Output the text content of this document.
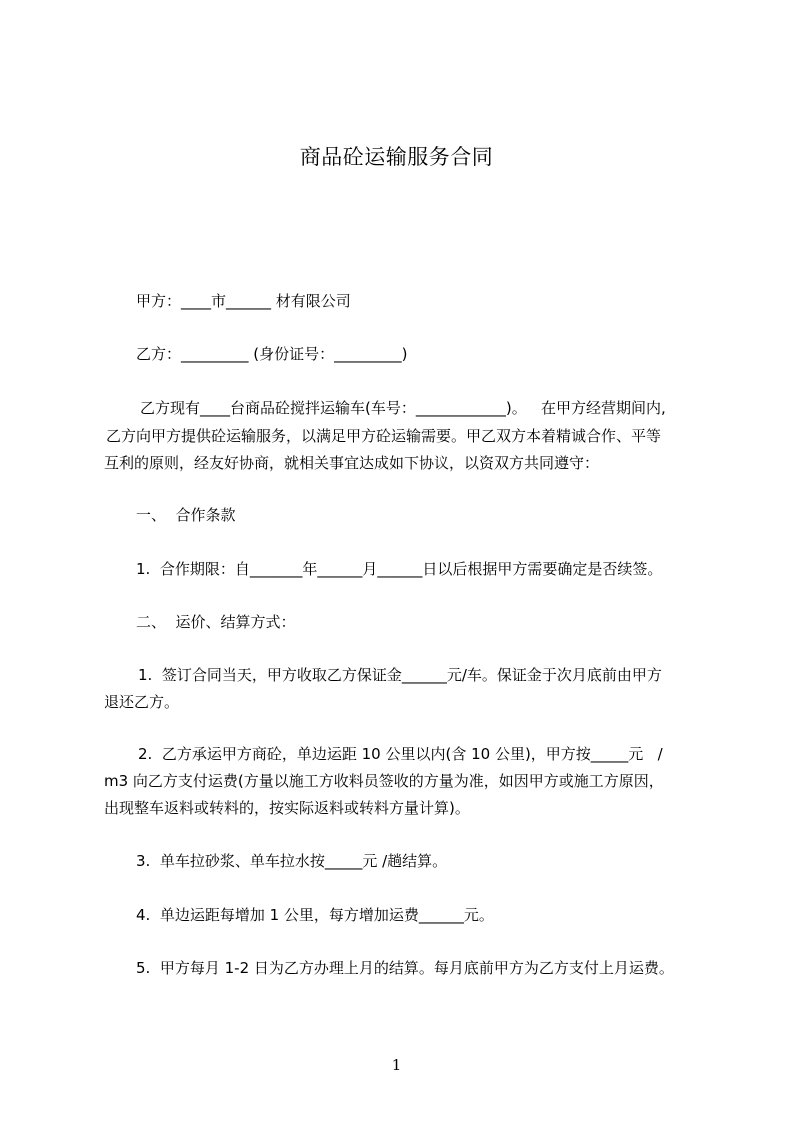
商品砼运输服务合同
甲方：____市______ 材有限公司
乙方：_________ (身份证号：_________)
乙方现有____台商品砼搅拌运输车(车号：____________)。   在甲方经营期间内,
乙方向甲方提供砼运输服务，以满足甲方砼运输需要。甲乙双方本着精诚合作、平等
互利的原则，经友好协商，就相关事宜达成如下协议，以资双方共同遵守：
一、  合作条款
1.  合作期限：自_______年______月______日以后根据甲方需要确定是否续签。
二、  运价、结算方式：
1.  签订合同当天，甲方收取乙方保证金______元/车。保证金于次月底前由甲方
退还乙方。
2.  乙方承运甲方商砼，单边运距 10 公里以内(含 10 公里)，甲方按_____元   /
m3 向乙方支付运费(方量以施工方收料员签收的方量为准，如因甲方或施工方原因，
出现整车返料或转料的，按实际返料或转料方量计算)。
3.  单车拉砂浆、单车拉水按_____元 /趟结算。
4.  单边运距每增加 1 公里，每方增加运费______元。
5.  甲方每月 1-2 日为乙方办理上月的结算。每月底前甲方为乙方支付上月运费。
1
